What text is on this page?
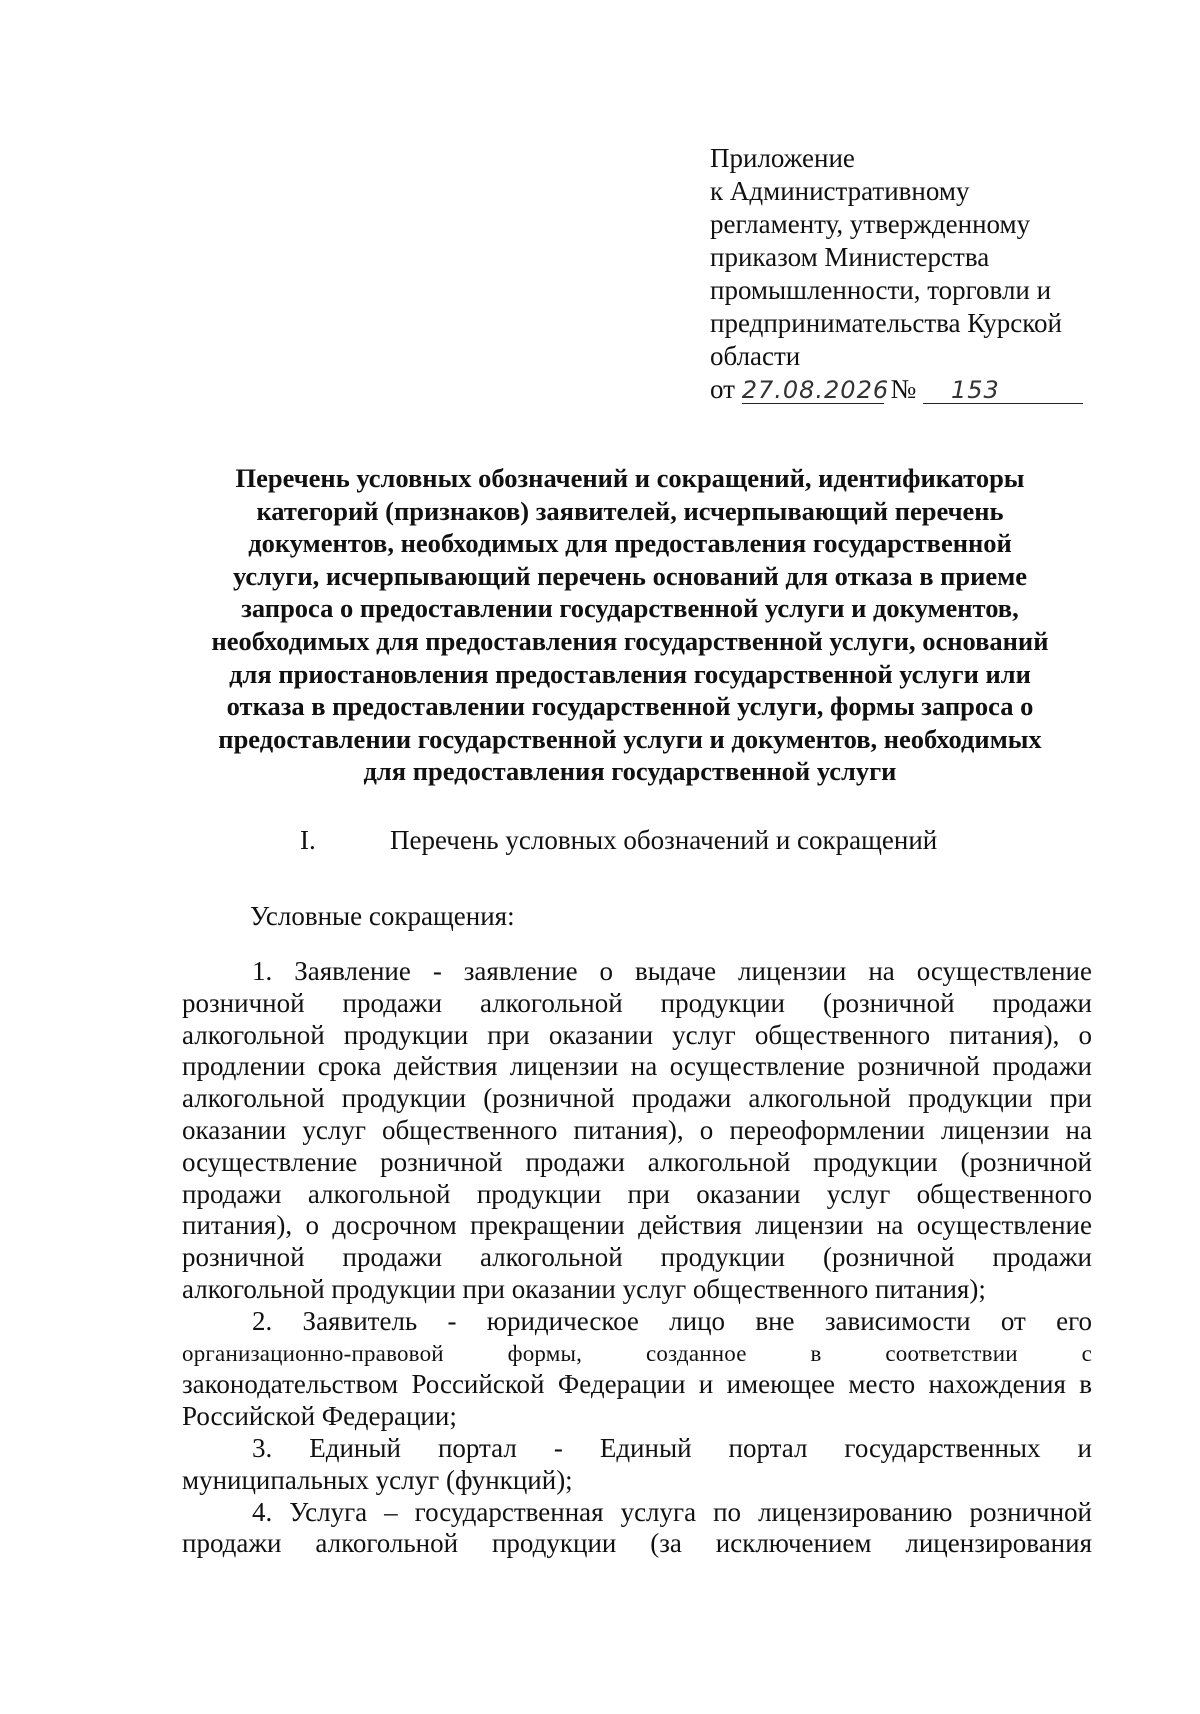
Приложение
к Административному
регламенту, утвержденному
приказом Министерства
промышленности, торговли и
предпринимательства Курской
области
от 27.08.2026 № 153
Перечень условных обозначений и сокращений, идентификаторы
категорий (признаков) заявителей, исчерпывающий перечень
документов, необходимых для предоставления государственной
услуги, исчерпывающий перечень оснований для отказа в приеме
запроса о предоставлении государственной услуги и документов,
необходимых для предоставления государственной услуги, оснований
для приостановления предоставления государственной услуги или
отказа в предоставлении государственной услуги, формы запроса о
предоставлении государственной услуги и документов, необходимых
для предоставления государственной услуги
I.	Перечень условных обозначений и сокращений
Условные сокращения:
1. Заявление - заявление о выдаче лицензии на осуществление
розничной продажи алкогольной продукции (розничной продажи
алкогольной продукции при оказании услуг общественного питания), о
продлении срока действия лицензии на осуществление розничной продажи
алкогольной продукции (розничной продажи алкогольной продукции при
оказании услуг общественного питания), о переоформлении лицензии на
осуществление розничной продажи алкогольной продукции (розничной
продажи алкогольной продукции при оказании услуг общественного
питания), о досрочном прекращении действия лицензии на осуществление
розничной продажи алкогольной продукции (розничной продажи
алкогольной продукции при оказании услуг общественного питания);
2. Заявитель - юридическое лицо вне зависимости от его
организационно-правовой формы, созданное в соответствии с
законодательством Российской Федерации и имеющее место нахождения в
Российской Федерации;
3. Единый портал - Единый портал государственных и
муниципальных услуг (функций);
4. Услуга – государственная услуга по лицензированию розничной
продажи алкогольной продукции (за исключением лицензирования
